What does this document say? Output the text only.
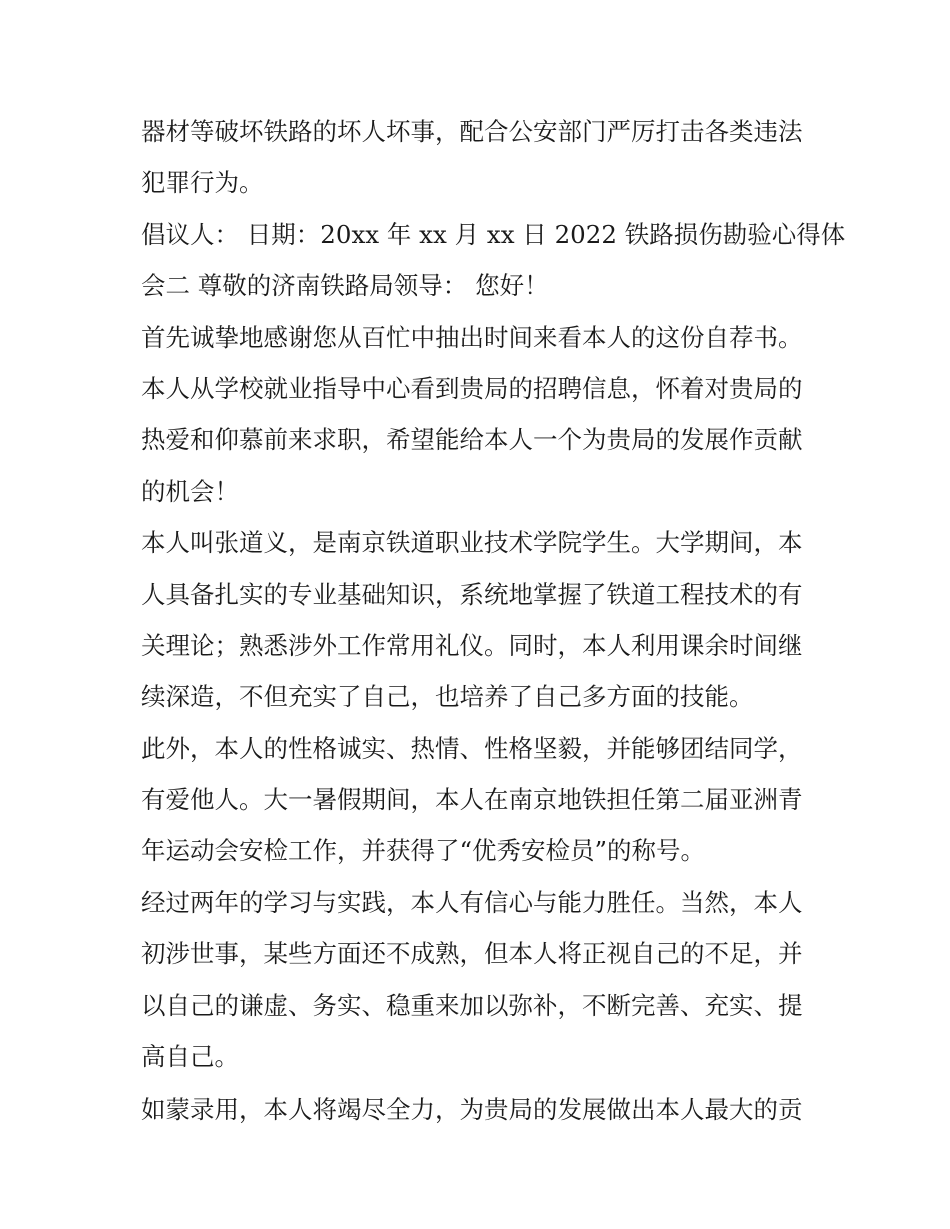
器材等破坏铁路的坏人坏事，配合公安部门严厉打击各类违法
犯罪行为。
倡议人： 日期：20xx 年 xx 月 xx 日 2022 铁路损伤勘验心得体
会二 尊敬的济南铁路局领导： 您好！
首先诚挚地感谢您从百忙中抽出时间来看本人的这份自荐书。
本人从学校就业指导中心看到贵局的招聘信息，怀着对贵局的
热爱和仰慕前来求职，希望能给本人一个为贵局的发展作贡献
的机会！
本人叫张道义，是南京铁道职业技术学院学生。大学期间，本
人具备扎实的专业基础知识，系统地掌握了铁道工程技术的有
关理论；熟悉涉外工作常用礼仪。同时，本人利用课余时间继
续深造，不但充实了自己，也培养了自己多方面的技能。
此外，本人的性格诚实、热情、性格坚毅，并能够团结同学，
有爱他人。大一暑假期间，本人在南京地铁担任第二届亚洲青
年运动会安检工作，并获得了“优秀安检员”的称号。
经过两年的学习与实践，本人有信心与能力胜任。当然，本人
初涉世事，某些方面还不成熟，但本人将正视自己的不足，并
以自己的谦虚、务实、稳重来加以弥补，不断完善、充实、提
高自己。
如蒙录用，本人将竭尽全力，为贵局的发展做出本人最大的贡
